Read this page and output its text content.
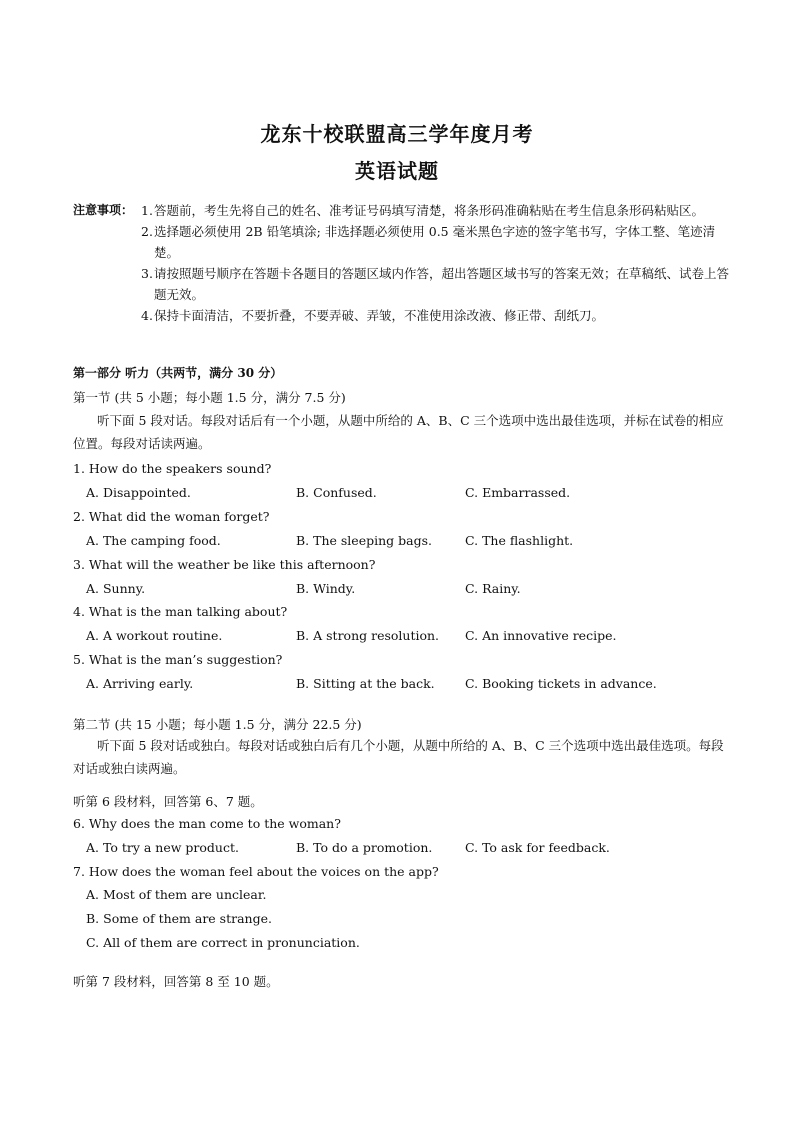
龙东十校联盟高三学年度月考
英语试题
注意事项： 1. 答题前，考生先将自己的姓名、准考证号码填写清楚，将条形码准确粘贴在考生信息条形码粘贴区。
2. 选择题必须使用 2B 铅笔填涂; 非选择题必须使用 0.5 毫米黑色字迹的签字笔书写，字体工整、笔迹清楚。
3. 请按照题号顺序在答题卡各题目的答题区域内作答，超出答题区域书写的答案无效；在草稿纸、试卷上答题无效。
4. 保持卡面清洁，不要折叠，不要弄破、弄皱，不准使用涂改液、修正带、刮纸刀。
第一部分 听力（共两节，满分 30 分）
第一节 (共 5 小题；每小题 1.5 分，满分 7.5 分)
听下面 5 段对话。每段对话后有一个小题，从题中所给的 A、B、C 三个选项中选出最佳选项，并标在试卷的相应位置。每段对话读两遍。
1. How do the speakers sound?
A. Disappointed.	B. Confused.	C. Embarrassed.
2. What did the woman forget?
A. The camping food.	B. The sleeping bags.	C. The flashlight.
3. What will the weather be like this afternoon?
A. Sunny.	B. Windy.	C. Rainy.
4. What is the man talking about?
A. A workout routine.	B. A strong resolution. C. An innovative recipe.
5. What is the man’s suggestion?
A. Arriving early.	B. Sitting at the back. C. Booking tickets in advance.
第二节 (共 15 小题；每小题 1.5 分，满分 22.5 分)
听下面 5 段对话或独白。每段对话或独白后有几个小题，从题中所给的 A、B、C 三个选项中选出最佳选项。每段对话或独白读两遍。
听第 6 段材料，回答第 6、7 题。
6. Why does the man come to the woman?
A. To try a new product.	B. To do a promotion.	C. To ask for feedback.
7. How does the woman feel about the voices on the app?
A. Most of them are unclear.
B. Some of them are strange.
C. All of them are correct in pronunciation.
听第 7 段材料，回答第 8 至 10 题。
